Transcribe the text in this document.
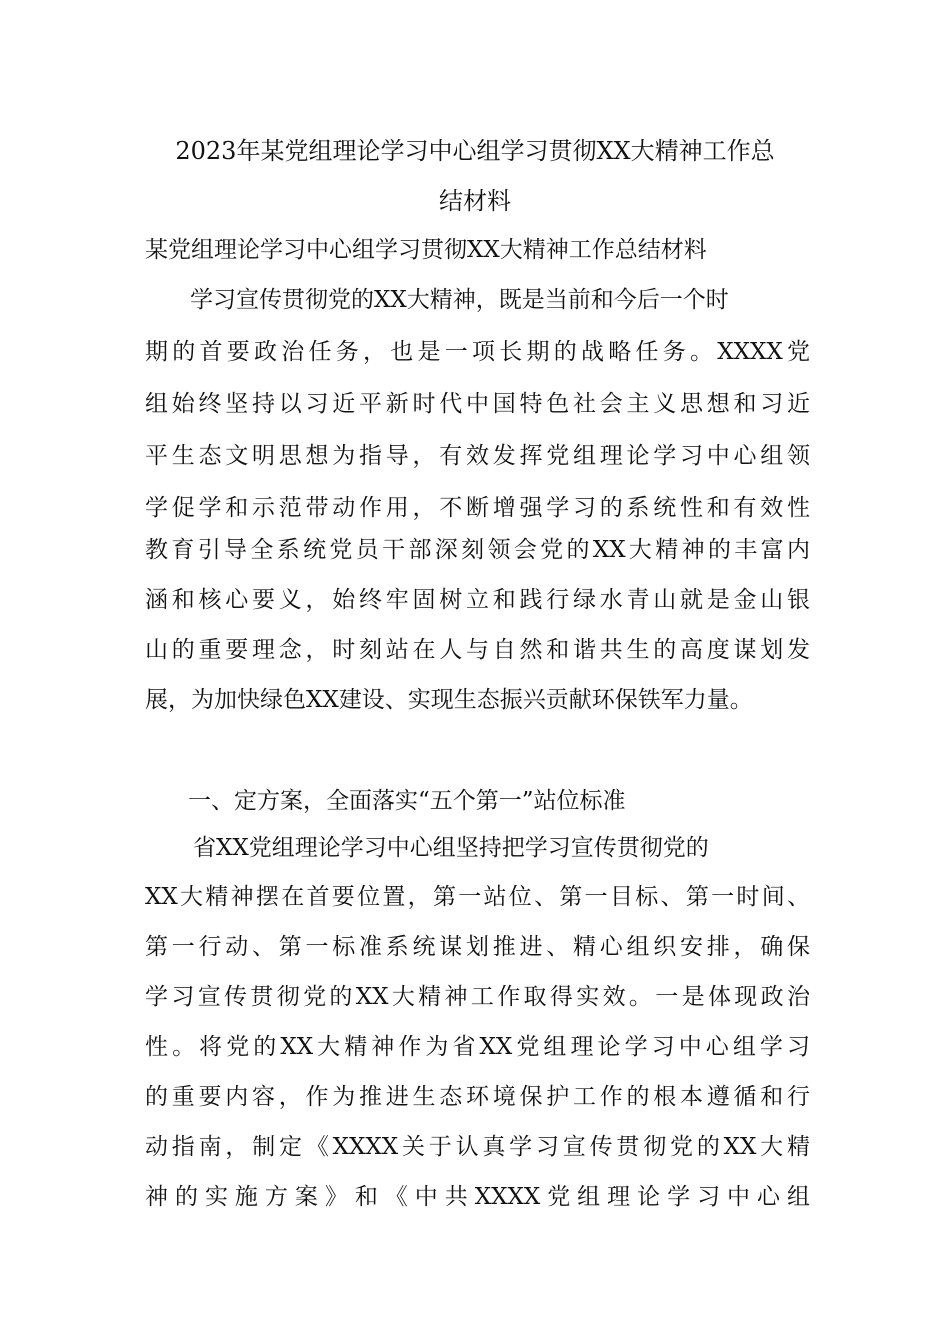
2023年某党组理论学习中心组学习贯彻XX大精神工作总
结材料
某党组理论学习中心组学习贯彻XX大精神工作总结材料
学习宣传贯彻党的XX大精神，既是当前和今后一个时
期的首要政治任务，也是一项长期的战略任务。XXXX党
组始终坚持以习近平新时代中国特色社会主义思想和习近
平生态文明思想为指导，有效发挥党组理论学习中心组领
学促学和示范带动作用，不断增强学习的系统性和有效性
教育引导全系统党员干部深刻领会党的XX大精神的丰富内
涵和核心要义，始终牢固树立和践行绿水青山就是金山银
山的重要理念，时刻站在人与自然和谐共生的高度谋划发
展，为加快绿色XX建设、实现生态振兴贡献环保铁军力量。
一、定方案，全面落实“五个第一”站位标准
省XX党组理论学习中心组坚持把学习宣传贯彻党的
XX大精神摆在首要位置，第一站位、第一目标、第一时间、
第一行动、第一标准系统谋划推进、精心组织安排，确保
学习宣传贯彻党的XX大精神工作取得实效。一是体现政治
性。将党的XX大精神作为省XX党组理论学习中心组学习
的重要内容，作为推进生态环境保护工作的根本遵循和行
动指南，制定《XXXX关于认真学习宣传贯彻党的XX大精
神的实施方案》和《中共XXXX党组理论学习中心组
